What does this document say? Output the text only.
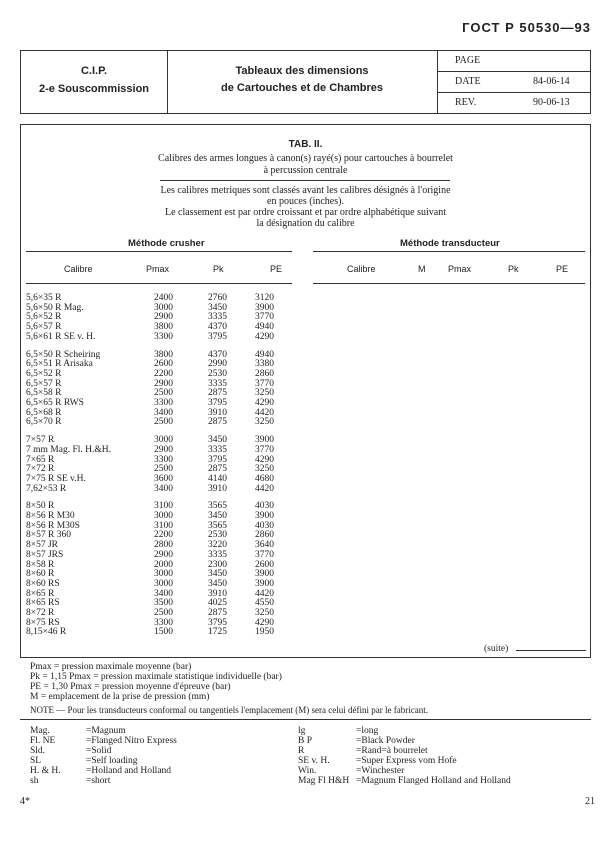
ГОСТ Р 50530—93
C.I.P.
2-e Souscommission
Tableaux des dimensions
de Cartouches et de Chambres
PAGE
DATE	84-06-14
REV.	90-06-13
TAB. II.
Calibres des armes longues à canon(s) rayé(s) pour cartouches à bourrelet
à percussion centrale
Les calibres metriques sont classés avant les calibres désignés à l'origine
en pouces (inches).
Le classement est par ordre croissant et par ordre alphabétique suivant
la désignation du calibre
Méthode crusher	Méthode transducteur
Calibre	Pmax	Pk	PE	Calibre	M	Pmax	Pk	PE
5,6×35 R	2400	2760	3120
5,6×50 R Mag.	3000	3450	3900
5,6×52 R	2900	3335	3770
5,6×57 R	3800	4370	4940
5,6×61 R SE v. H.	3300	3795	4290
6,5×50 R Scheiring	3800	4370	4940
6,5×51 R Arisaka	2600	2990	3380
6,5×52 R	2200	2530	2860
6,5×57 R	2900	3335	3770
6,5×58 R	2500	2875	3250
6,5×65 R RWS	3300	3795	4290
6,5×68 R	3400	3910	4420
6,5×70 R	2500	2875	3250
7×57 R	3000	3450	3900
7 mm Mag. Fl. H.&H.	2900	3335	3770
7×65 R	3300	3795	4290
7×72 R	2500	2875	3250
7×75 R SE v.H.	3600	4140	4680
7,62×53 R	3400	3910	4420
8×50 R	3100	3565	4030
8×56 R M30	3000	3450	3900
8×56 R M30S	3100	3565	4030
8×57 R 360	2200	2530	2860
8×57 JR	2800	3220	3640
8×57 JRS	2900	3335	3770
8×58 R	2000	2300	2600
8×60 R	3000	3450	3900
8×60 RS	3000	3450	3900
8×65 R	3400	3910	4420
8×65 RS	3500	4025	4550
8×72 R	2500	2875	3250
8×75 RS	3300	3795	4290
8,15×46 R	1500	1725	1950
(suite)
Pmax = pression maximale moyenne (bar)
Pk = 1,15 Pmax = pression maximale statistique individuelle (bar)
PE = 1,30 Pmax = pression moyenne d'épreuve (bar)
M = emplacement de la prise de pression (mm)
NOTE — Pour les transducteurs conformal ou tangentiels l'emplacement (M) sera celui défini par le fabricant.
Mag.	=Magnum
Fl. NE	=Flanged Nitro Express
Sld.	=Solid
SL	=Self loading
H. & H.	=Holland and Holland
sh	=short
lg	=long
B P	=Black Powder
R	=Rand=à bourrelet
SE v. H.	=Super Express vom Hofe
Win.	=Winchester
Mag Fl H&H =Magnum Flanged Holland and Holland
4*	21
